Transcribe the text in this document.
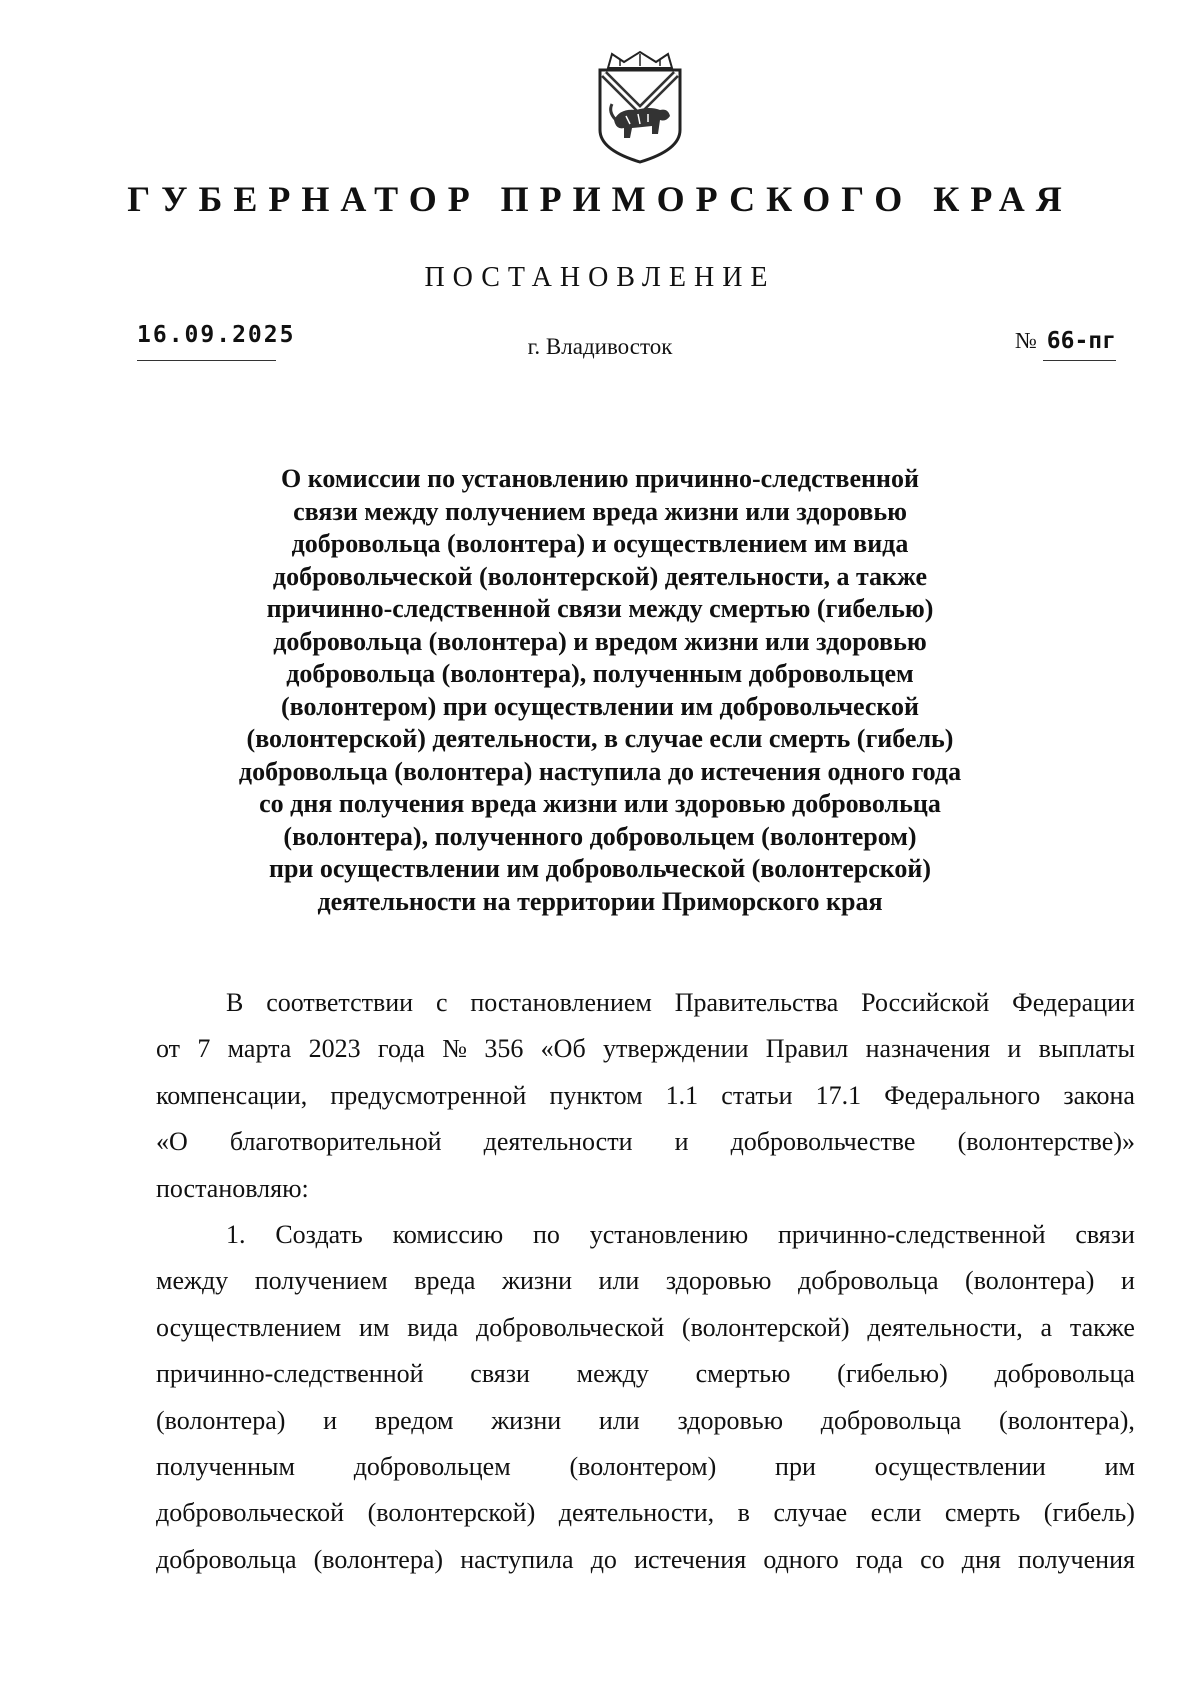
ГУБЕРНАТОР ПРИМОРСКОГО КРАЯ
ПОСТАНОВЛЕНИЕ
16.09.2025	г. Владивосток	№ 66-пг
О комиссии по установлению причинно-следственной
связи между получением вреда жизни или здоровью
добровольца (волонтера) и осуществлением им вида
добровольческой (волонтерской) деятельности, а также
причинно-следственной связи между смертью (гибелью)
добровольца (волонтера) и вредом жизни или здоровью
добровольца (волонтера), полученным добровольцем
(волонтером) при осуществлении им добровольческой
(волонтерской) деятельности, в случае если смерть (гибель)
добровольца (волонтера) наступила до истечения одного года
со дня получения вреда жизни или здоровью добровольца
(волонтера), полученного добровольцем (волонтером)
при осуществлении им добровольческой (волонтерской)
деятельности на территории Приморского края
В соответствии с постановлением Правительства Российской Федерации
от 7 марта 2023 года № 356 «Об утверждении Правил назначения и выплаты
компенсации, предусмотренной пунктом 1.1 статьи 17.1 Федерального закона
«О благотворительной деятельности и добровольчестве (волонтерстве)»
постановляю:
1. Создать комиссию по установлению причинно-следственной связи
между получением вреда жизни или здоровью добровольца (волонтера) и
осуществлением им вида добровольческой (волонтерской) деятельности, а также
причинно-следственной связи между смертью (гибелью) добровольца
(волонтера) и вредом жизни или здоровью добровольца (волонтера),
полученным добровольцем (волонтером) при осуществлении им
добровольческой (волонтерской) деятельности, в случае если смерть (гибель)
добровольца (волонтера) наступила до истечения одного года со дня получения
